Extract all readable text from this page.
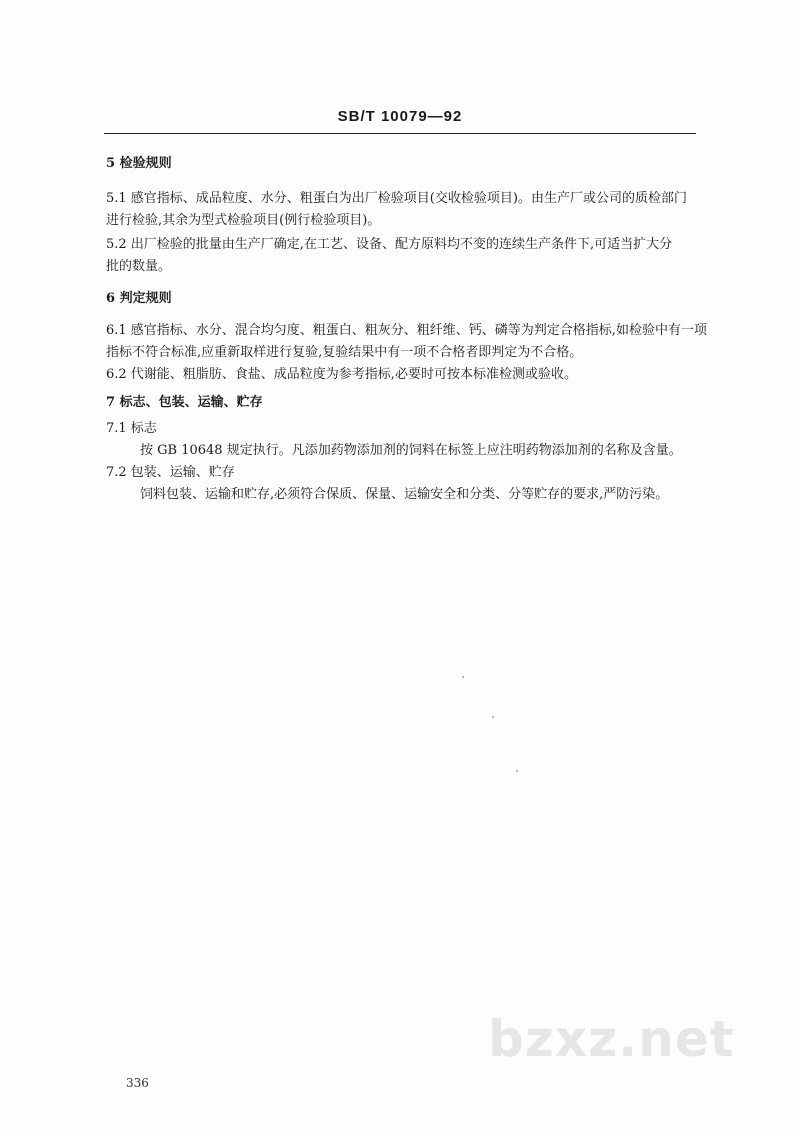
SB/T 10079—92
5 检验规则
5.1 感官指标、成品粒度、水分、粗蛋白为出厂检验项目(交收检验项目)。由生产厂或公司的质检部门
进行检验,其余为型式检验项目(例行检验项目)。
5.2 出厂检验的批量由生产厂确定,在工艺、设备、配方原料均不变的连续生产条件下,可适当扩大分
批的数量。
6 判定规则
6.1 感官指标、水分、混合均匀度、粗蛋白、粗灰分、粗纤维、钙、磷等为判定合格指标,如检验中有一项
指标不符合标准,应重新取样进行复验,复验结果中有一项不合格者即判定为不合格。
6.2 代谢能、粗脂肪、食盐、成品粒度为参考指标,必要时可按本标准检测或验收。
7 标志、包装、运输、贮存
7.1 标志
按 GB 10648 规定执行。凡添加药物添加剂的饲料在标签上应注明药物添加剂的名称及含量。
7.2 包装、运输、贮存
饲料包装、运输和贮存,必须符合保质、保量、运输安全和分类、分等贮存的要求,严防污染。
bzxz.net
336
